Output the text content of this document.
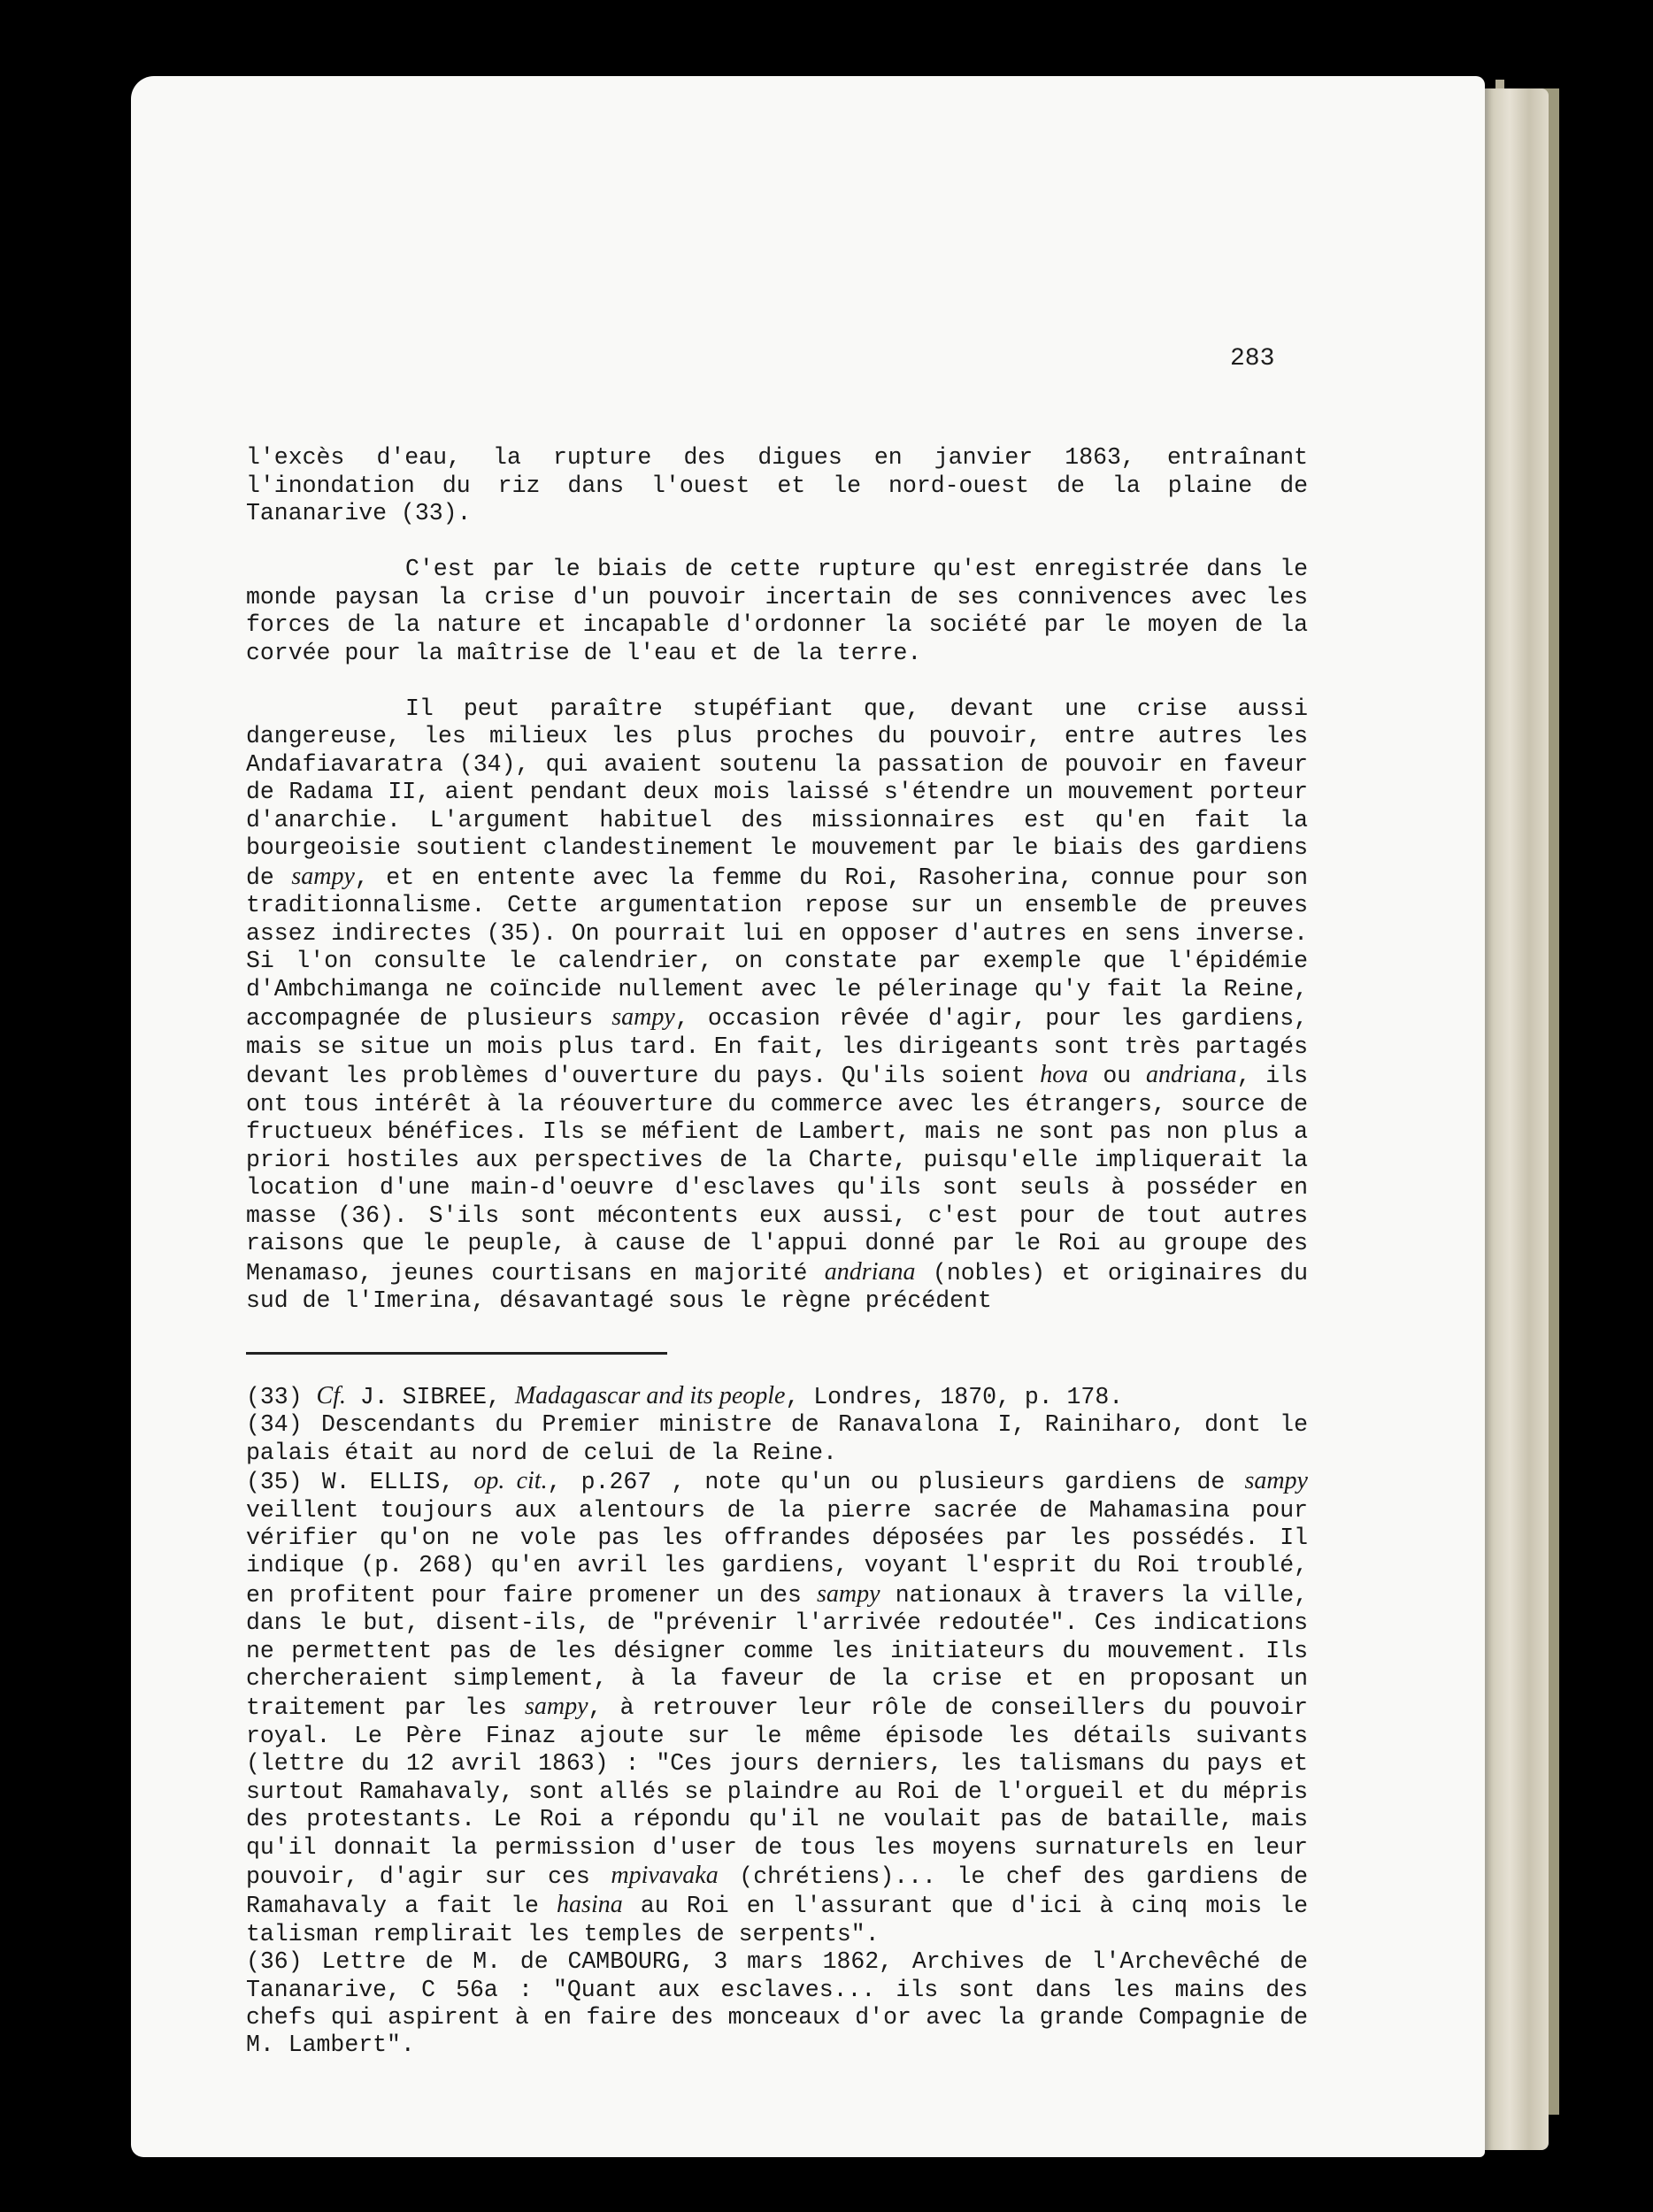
283

l'excès d'eau, la rupture des digues en janvier 1863, entraînant l'inondation du riz dans l'ouest et le nord-ouest de la plaine de Tananarive (33).

C'est par le biais de cette rupture qu'est enregistrée dans le monde paysan la crise d'un pouvoir incertain de ses connivences avec les forces de la nature et incapable d'ordonner la société par le moyen de la corvée pour la maîtrise de l'eau et de la terre.

Il peut paraître stupéfiant que, devant une crise aussi dangereuse, les milieux les plus proches du pouvoir, entre autres les Andafiavaratra (34), qui avaient soutenu la passation de pouvoir en faveur de Radama II, aient pendant deux mois laissé s'étendre un mouvement porteur d'anarchie. L'argument habituel des missionnaires est qu'en fait la bourgeoisie soutient clandestinement le mouvement par le biais des gardiens de sampy, et en entente avec la femme du Roi, Rasoherina, connue pour son traditionnalisme. Cette argumentation repose sur un ensemble de preuves assez indirectes (35). On pourrait lui en opposer d'autres en sens inverse. Si l'on consulte le calendrier, on constate par exemple que l'épidémie d'Ambchimanga ne coïncide nullement avec le pélerinage qu'y fait la Reine, accompagnée de plusieurs sampy, occasion rêvée d'agir, pour les gardiens, mais se situe un mois plus tard. En fait, les dirigeants sont très partagés devant les problèmes d'ouverture du pays. Qu'ils soient hova ou andriana, ils ont tous intérêt à la réouverture du commerce avec les étrangers, source de fructueux bénéfices. Ils se méfient de Lambert, mais ne sont pas non plus a priori hostiles aux perspectives de la Charte, puisqu'elle impliquerait la location d'une main-d'oeuvre d'esclaves qu'ils sont seuls à posséder en masse (36). S'ils sont mécontents eux aussi, c'est pour de tout autres raisons que le peuple, à cause de l'appui donné par le Roi au groupe des Menamaso, jeunes courtisans en majorité andriana (nobles) et originaires du sud de l'Imerina, désavantagé sous le règne précédent

(33) Cf. J. SIBREE, Madagascar and its people, Londres, 1870, p. 178.

(34) Descendants du Premier ministre de Ranavalona I, Rainiharo, dont le palais était au nord de celui de la Reine.

(35) W. ELLIS, op. cit., p.267 , note qu'un ou plusieurs gardiens de sampy veillent toujours aux alentours de la pierre sacrée de Mahamasina pour vérifier qu'on ne vole pas les offrandes déposées par les possédés. Il indique (p. 268) qu'en avril les gardiens, voyant l'esprit du Roi troublé, en profitent pour faire promener un des sampy nationaux à travers la ville, dans le but, disent-ils, de "prévenir l'arrivée redoutée". Ces indications ne permettent pas de les désigner comme les initiateurs du mouvement. Ils chercheraient simplement, à la faveur de la crise et en proposant un traitement par les sampy, à retrouver leur rôle de conseillers du pouvoir royal. Le Père Finaz ajoute sur le même épisode les détails suivants (lettre du 12 avril 1863) : "Ces jours derniers, les talismans du pays et surtout Ramahavaly, sont allés se plaindre au Roi de l'orgueil et du mépris des protestants. Le Roi a répondu qu'il ne voulait pas de bataille, mais qu'il donnait la permission d'user de tous les moyens surnaturels en leur pouvoir, d'agir sur ces mpivavaka (chrétiens)... le chef des gardiens de Ramahavaly a fait le hasina au Roi en l'assurant que d'ici à cinq mois le talisman remplirait les temples de serpents".

(36) Lettre de M. de CAMBOURG, 3 mars 1862, Archives de l'Archevêché de Tananarive, C 56a : "Quant aux esclaves... ils sont dans les mains des chefs qui aspirent à en faire des monceaux d'or avec la grande Compagnie de M. Lambert".
